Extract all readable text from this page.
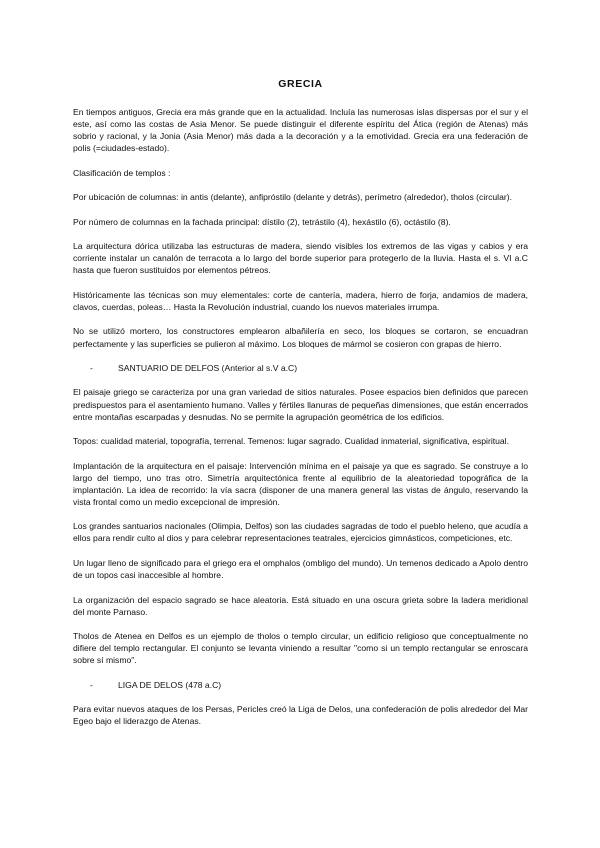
GRECIA

En tiempos antiguos, Grecia era más grande que en la actualidad. Incluía las numerosas islas dispersas por el sur y el este, así como las costas de Asia Menor. Se puede distinguir el diferente espíritu del Ática (región de Atenas) más sobrio y racional, y la Jonia (Asia Menor) más dada a la decoración y a la emotividad. Grecia era una federación de polis (=ciudades-estado).

Clasificación de templos :

Por ubicación de columnas: in antis (delante), anfipróstilo (delante y detrás), perímetro (alrededor), tholos (circular).

Por número de columnas en la fachada principal: dístilo (2), tetrástilo (4), hexástilo (6), octástilo (8).

La arquitectura dórica utilizaba las estructuras de madera, siendo visibles los extremos de las vigas y cabios y era corriente instalar un canalón de terracota a lo largo del borde superior para protegerlo de la lluvia. Hasta el s. VI a.C hasta que fueron sustituidos por elementos pétreos.

Históricamente las técnicas son muy elementales: corte de cantería, madera, hierro de forja, andamios de madera, clavos, cuerdas, poleas… Hasta la Revolución industrial, cuando los nuevos materiales irrumpa.

No se utilizó mortero, los constructores emplearon albañilería en seco, los bloques se cortaron, se encuadran perfectamente y las superficies se pulieron al máximo. Los bloques de mármol se cosieron con grapas de hierro.

-	SANTUARIO DE DELFOS (Anterior al s.V a.C)

El paisaje griego se caracteriza por una gran variedad de sitios naturales. Posee espacios bien definidos que parecen predispuestos para el asentamiento humano. Valles y fértiles llanuras de pequeñas dimensiones, que están encerrados entre montañas escarpadas y desnudas. No se permite la agrupación geométrica de los edificios.

Topos: cualidad material, topografía, terrenal. Temenos: lugar sagrado. Cualidad inmaterial, significativa, espiritual.

Implantación de la arquitectura en el paisaje: Intervención mínima en el paisaje ya que es sagrado. Se construye a lo largo del tiempo, uno tras otro. Simetría arquitectónica frente al equilibrio de la aleatoriedad topográfica de la implantación. La idea de recorrido: la vía sacra (disponer de una manera general las vistas de ángulo, reservando la vista frontal como un medio excepcional de impresión.

Los grandes santuarios nacionales (Olimpia, Delfos) son las ciudades sagradas de todo el pueblo heleno, que acudía a ellos para rendir culto al dios y para celebrar representaciones teatrales, ejercicios gimnásticos, competiciones, etc.

Un lugar lleno de significado para el griego era el omphalos (ombligo del mundo). Un temenos dedicado a Apolo dentro de un topos casi inaccesible al hombre.

La organización del espacio sagrado se hace aleatoria. Está situado en una oscura grieta sobre la ladera meridional del monte Parnaso.

Tholos de Atenea en Delfos es un ejemplo de tholos o templo circular, un edificio religioso que conceptualmente no difiere del templo rectangular. El conjunto se levanta viniendo a resultar "como si un templo rectangular se enroscara sobre sí mismo".

-	LIGA DE DELOS (478 a.C)

Para evitar nuevos ataques de los Persas, Pericles creó la Liga de Delos, una confederación de polis alrededor del Mar Egeo bajo el liderazgo de Atenas.
